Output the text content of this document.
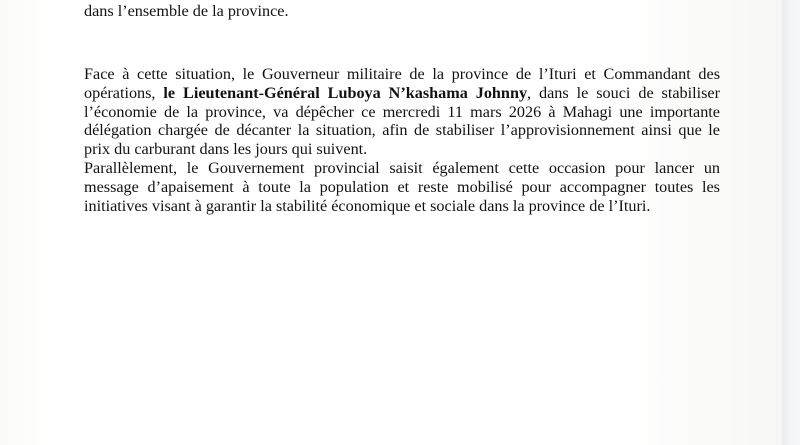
dans l’ensemble de la province.

Face à cette situation, le Gouverneur militaire de la province de l’Ituri et Commandant des opérations, le Lieutenant-Général Luboya N’kashama Johnny, dans le souci de stabiliser l’économie de la province, va dépêcher ce mercredi 11 mars 2026 à Mahagi une importante délégation chargée de décanter la situation, afin de stabiliser l’approvisionnement ainsi que le prix du carburant dans les jours qui suivent.

Parallèlement, le Gouvernement provincial saisit également cette occasion pour lancer un message d’apaisement à toute la population et reste mobilisé pour accompagner toutes les initiatives visant à garantir la stabilité économique et sociale dans la province de l’Ituri.
